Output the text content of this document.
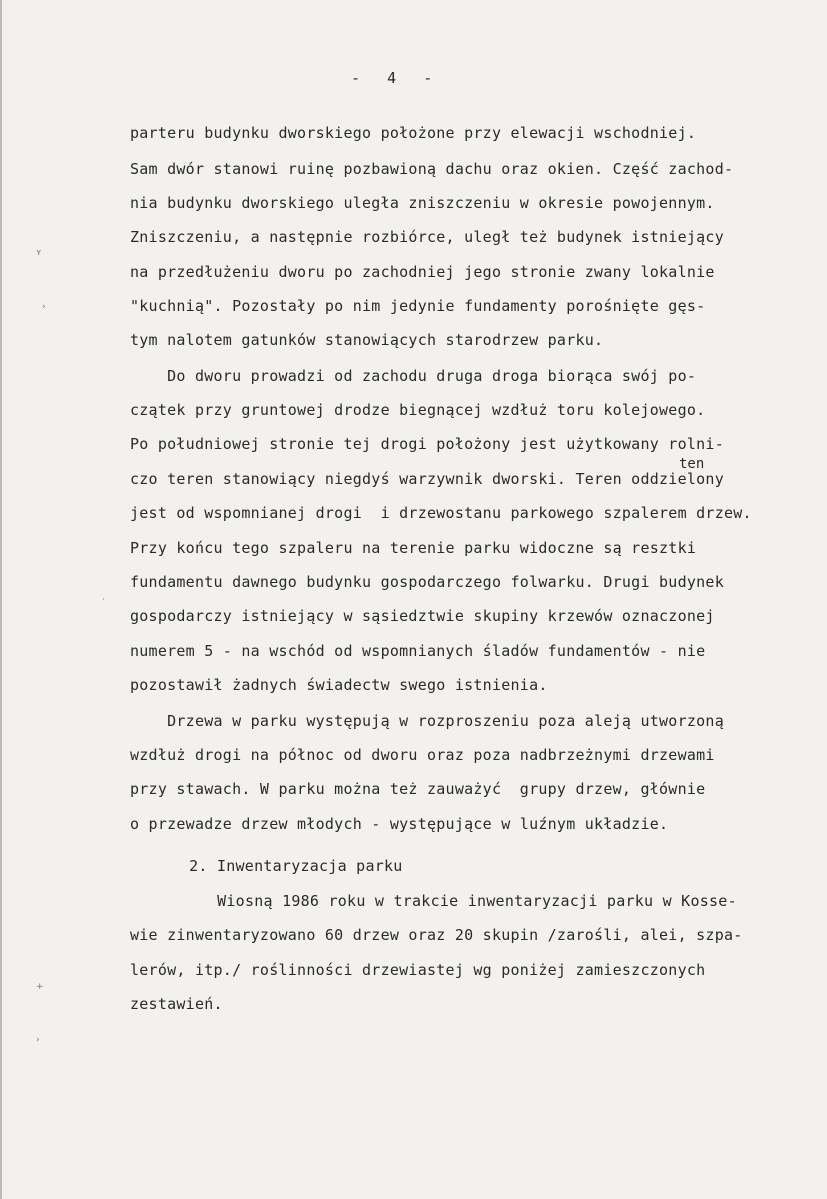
-   4   -
parteru budynku dworskiego położone przy elewacji wschodniej.
Sam dwór stanowi ruinę pozbawioną dachu oraz okien. Część zachod-
nia budynku dworskiego uległa zniszczeniu w okresie powojennym.
Zniszczeniu, a następnie rozbiórce, uległ też budynek istniejący
na przedłużeniu dworu po zachodniej jego stronie zwany lokalnie
"kuchnią". Pozostały po nim jedynie fundamenty porośnięte gęs-
tym nalotem gatunków stanowiących starodrzew parku.
Do dworu prowadzi od zachodu druga droga biorąca swój po-
czątek przy gruntowej drodze biegnącej wzdłuż toru kolejowego.
Po południowej stronie tej drogi położony jest użytkowany rolni-
ten
czo teren stanowiący niegdyś warzywnik dworski. Teren oddzielony
jest od wspomnianej drogi  i drzewostanu parkowego szpalerem drzew.
Przy końcu tego szpaleru na terenie parku widoczne są resztki
fundamentu dawnego budynku gospodarczego folwarku. Drugi budynek
gospodarczy istniejący w sąsiedztwie skupiny krzewów oznaczonej
numerem 5 - na wschód od wspomnianych śladów fundamentów - nie
pozostawił żadnych świadectw swego istnienia.
Drzewa w parku występują w rozproszeniu poza aleją utworzoną
wzdłuż drogi na północ od dworu oraz poza nadbrzeżnymi drzewami
przy stawach. W parku można też zauważyć  grupy drzew, głównie
o przewadze drzew młodych - występujące w luźnym układzie.
2. Inwentaryzacja parku
Wiosną 1986 roku w trakcie inwentaryzacji parku w Kosse-
wie zinwentaryzowano 60 drzew oraz 20 skupin /zarośli, alei, szpa-
lerów, itp./ roślinności drzewiastej wg poniżej zamieszczonych
zestawień.
ʏ
›
·
+
›
